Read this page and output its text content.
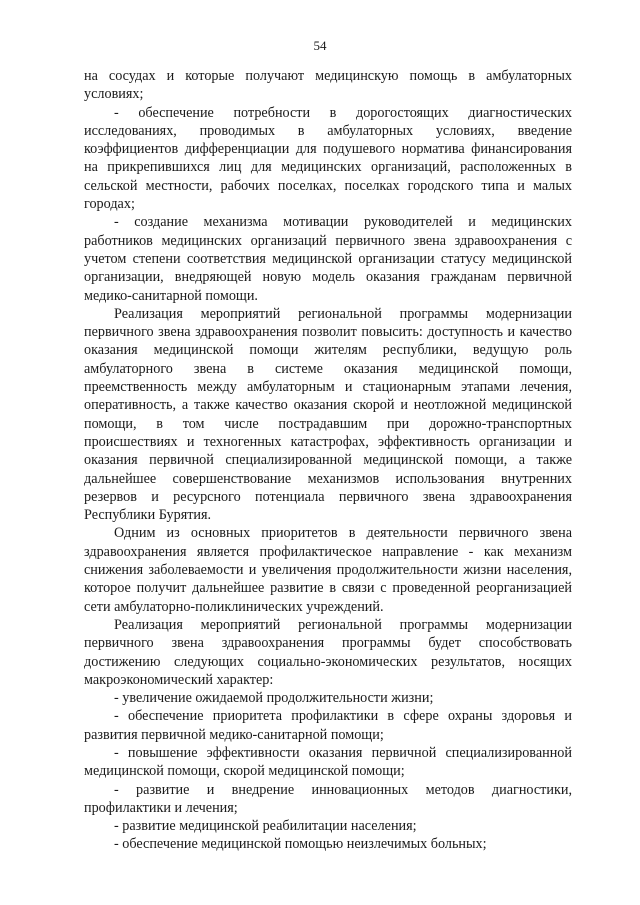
54

на сосудах и которые получают медицинскую помощь в амбулаторных условиях;

- обеспечение потребности в дорогостоящих диагностических исследованиях, проводимых в амбулаторных условиях, введение коэффициентов дифференциации для подушевого норматива финансирования на прикрепившихся лиц для медицинских организаций, расположенных в сельской местности, рабочих поселках, поселках городского типа и малых городах;

- создание механизма мотивации руководителей и медицинских работников медицинских организаций первичного звена здравоохранения с учетом степени соответствия медицинской организации статусу медицинской организации, внедряющей новую модель оказания гражданам первичной медико-санитарной помощи.

Реализация мероприятий региональной программы модернизации первичного звена здравоохранения позволит повысить: доступность и качество оказания медицинской помощи жителям республики, ведущую роль амбулаторного звена в системе оказания медицинской помощи, преемственность между амбулаторным и стационарным этапами лечения, оперативность, а также качество оказания скорой и неотложной медицинской помощи, в том числе пострадавшим при дорожно-транспортных происшествиях и техногенных катастрофах, эффективность организации и оказания первичной специализированной медицинской помощи, а также дальнейшее совершенствование механизмов использования внутренних резервов и ресурсного потенциала первичного звена здравоохранения Республики Бурятия.

Одним из основных приоритетов в деятельности первичного звена здравоохранения является профилактическое направление - как механизм снижения заболеваемости и увеличения продолжительности жизни населения, которое получит дальнейшее развитие в связи с проведенной реорганизацией сети амбулаторно-поликлинических учреждений.

Реализация мероприятий региональной программы модернизации первичного звена здравоохранения программы будет способствовать достижению следующих социально-экономических результатов, носящих макроэкономический характер:

- увеличение ожидаемой продолжительности жизни;

- обеспечение приоритета профилактики в сфере охраны здоровья и развития первичной медико-санитарной помощи;

- повышение эффективности оказания первичной специализированной медицинской помощи, скорой медицинской помощи;

- развитие и внедрение инновационных методов диагностики, профилактики и лечения;

- развитие медицинской реабилитации населения;

- обеспечение медицинской помощью неизлечимых больных;
